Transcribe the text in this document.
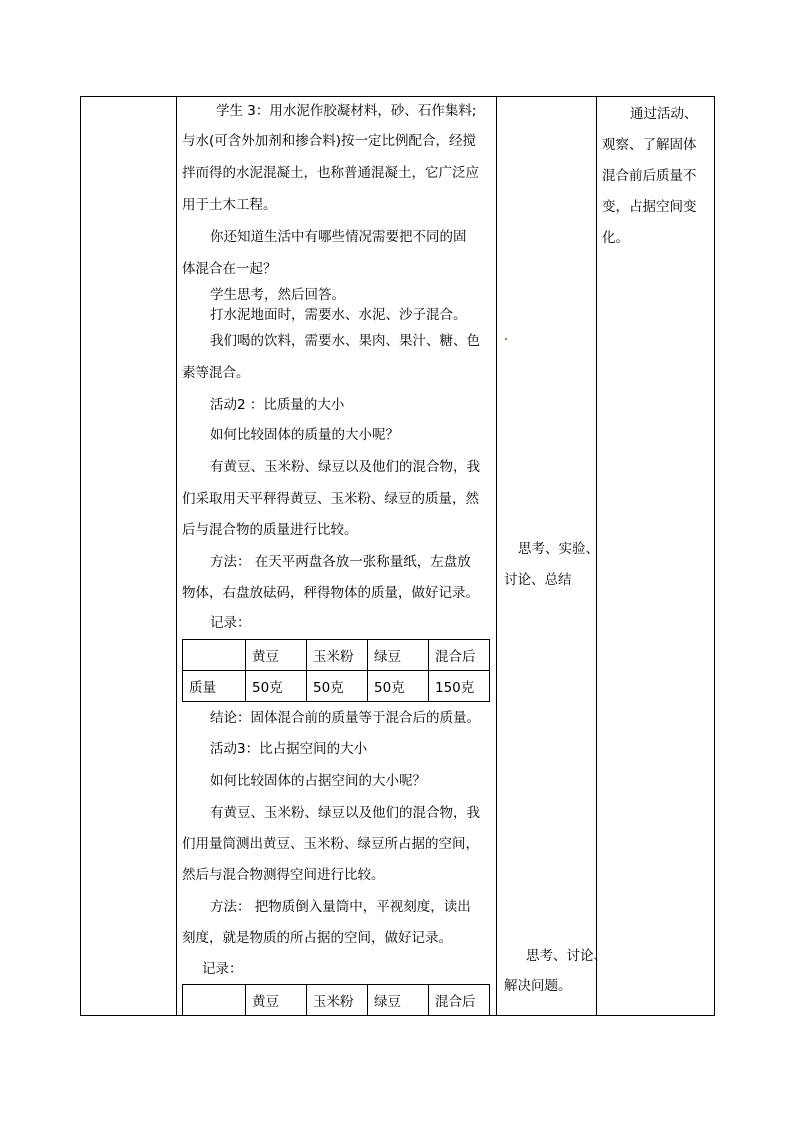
学生 3：用水泥作胶凝材料，砂、石作集料;
与水(可含外加剂和掺合料)按一定比例配合，经搅
拌而得的水泥混凝土，也称普通混凝土，它广泛应
用于土木工程。
你还知道生活中有哪些情况需要把不同的固
体混合在一起？
学生思考，然后回答。
打水泥地面时，需要水、水泥、沙子混合。
我们喝的饮料，需要水、果肉、果汁、糖、色
素等混合。
活动2 ：比质量的大小
如何比较固体的质量的大小呢？
有黄豆、玉米粉、绿豆以及他们的混合物，我
们采取用天平秤得黄豆、玉米粉、绿豆的质量，然
后与混合物的质量进行比较。
方法： 在天平两盘各放一张称量纸，左盘放
物体，右盘放砝码，秤得物体的质量，做好记录。
记录：
结论：固体混合前的质量等于混合后的质量。
活动3：比占据空间的大小
如何比较固体的占据空间的大小呢？
有黄豆、玉米粉、绿豆以及他们的混合物，我
们用量筒测出黄豆、玉米粉、绿豆所占据的空间，
然后与混合物测得空间进行比较。
方法： 把物质倒入量筒中，平视刻度，读出
刻度，就是物质的所占据的空间，做好记录。
记录：
	黄豆	玉米粉	绿豆	混合后
质量	50克	50克	50克	150克
	黄豆	玉米粉	绿豆	混合后
思考、实验、
讨论、总结
思考、讨论、
解决问题。
通过活动、
观察、了解固体
混合前后质量不
变，占据空间变
化。
